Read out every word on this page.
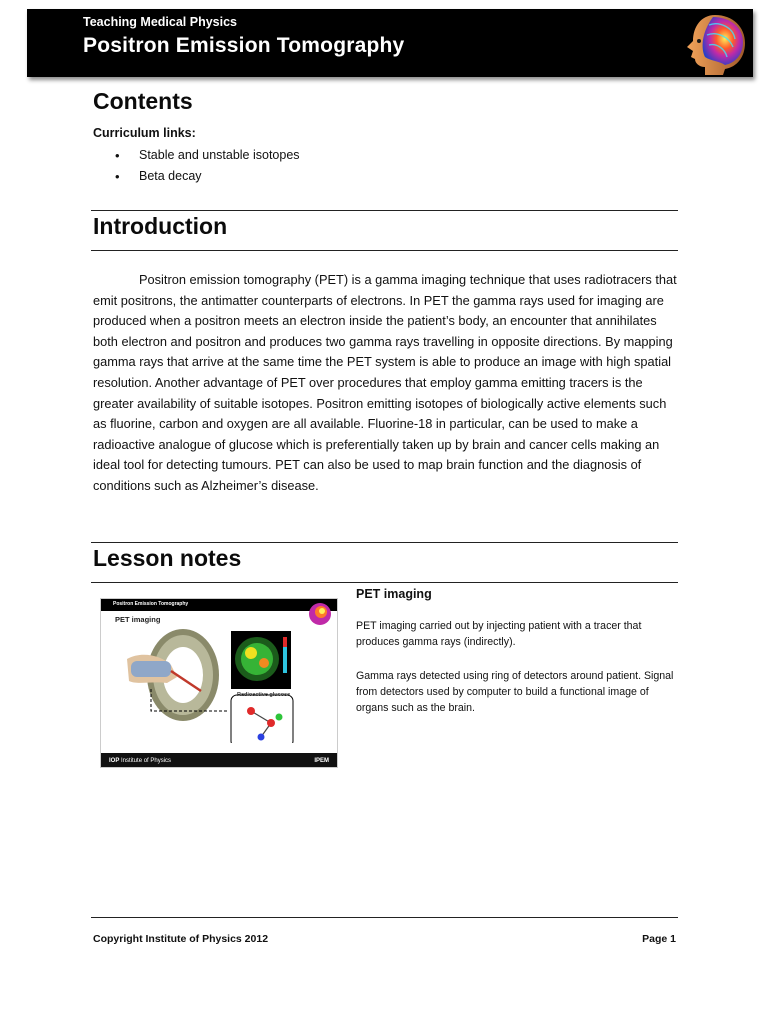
Teaching Medical Physics
Positron Emission Tomography
Contents
Curriculum links:
• Stable and unstable isotopes
• Beta decay
Introduction

Positron emission tomography (PET) is a gamma imaging technique that uses radiotracers that emit positrons, the antimatter counterparts of electrons. In PET the gamma rays used for imaging are produced when a positron meets an electron inside the patient’s body, an encounter that annihilates both electron and positron and produces two gamma rays travelling in opposite directions. By mapping gamma rays that arrive at the same time the PET system is able to produce an image with high spatial resolution. Another advantage of PET over procedures that employ gamma emitting tracers is the greater availability of suitable isotopes. Positron emitting isotopes of biologically active elements such as fluorine, carbon and oxygen are all available. Fluorine-18 in particular, can be used to make a radioactive analogue of glucose which is preferentially taken up by brain and cancer cells making an ideal tool for detecting tumours. PET can also be used to map brain function and the diagnosis of conditions such as Alzheimer’s disease.

Lesson notes
Positron Emission Tomography
PET imaging
Radioactive glucose
IOP Institute of Physics	IPEM
PET imaging

PET imaging carried out by injecting patient with a tracer that produces gamma rays (indirectly).

Gamma rays detected using ring of detectors around patient. Signal from detectors used by computer to build a functional image of organs such as the brain.

Copyright Institute of Physics 2012	Page 1
